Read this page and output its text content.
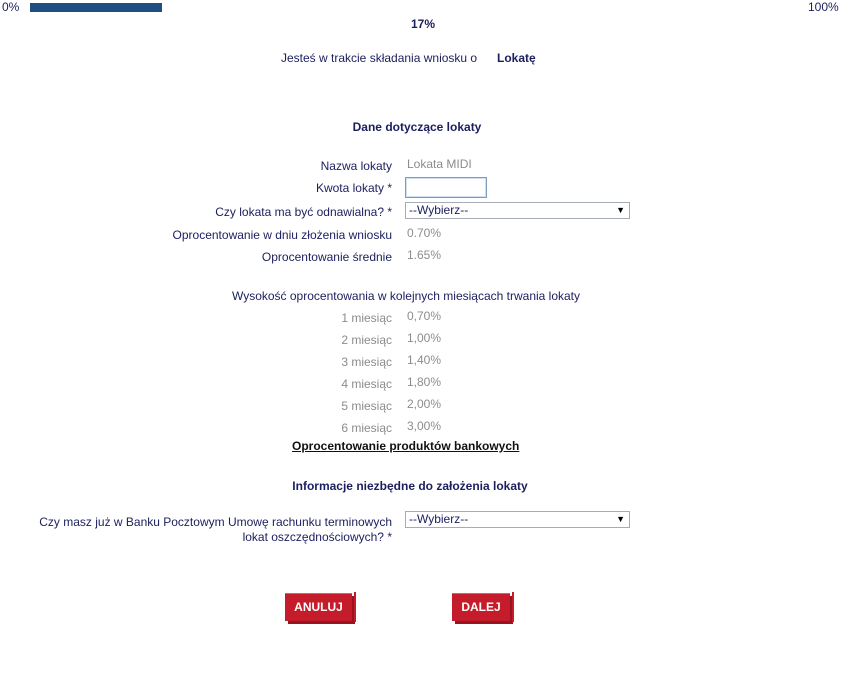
0%	100%
17%
Jesteś w trakcie składania wniosku o Lokatę
Dane dotyczące lokaty
Nazwa lokaty Lokata MIDI
Kwota lokaty *
Czy lokata ma być odnawialna? *	--Wybierz--	▼
Oprocentowanie w dniu złożenia wniosku 0.70%
Oprocentowanie średnie 1.65%
Wysokość oprocentowania w kolejnych miesiącach trwania lokaty
1 miesiąc 0,70%
2 miesiąc 1,00%
3 miesiąc 1,40%
4 miesiąc 1,80%
5 miesiąc 2,00%
6 miesiąc 3,00%
Oprocentowanie produktów bankowych
Informacje niezbędne do założenia lokaty
Czy masz już w Banku Pocztowym Umowę rachunku terminowych
lokat oszczędnościowych? *
--Wybierz--	▼
ANULUJ	DALEJ
